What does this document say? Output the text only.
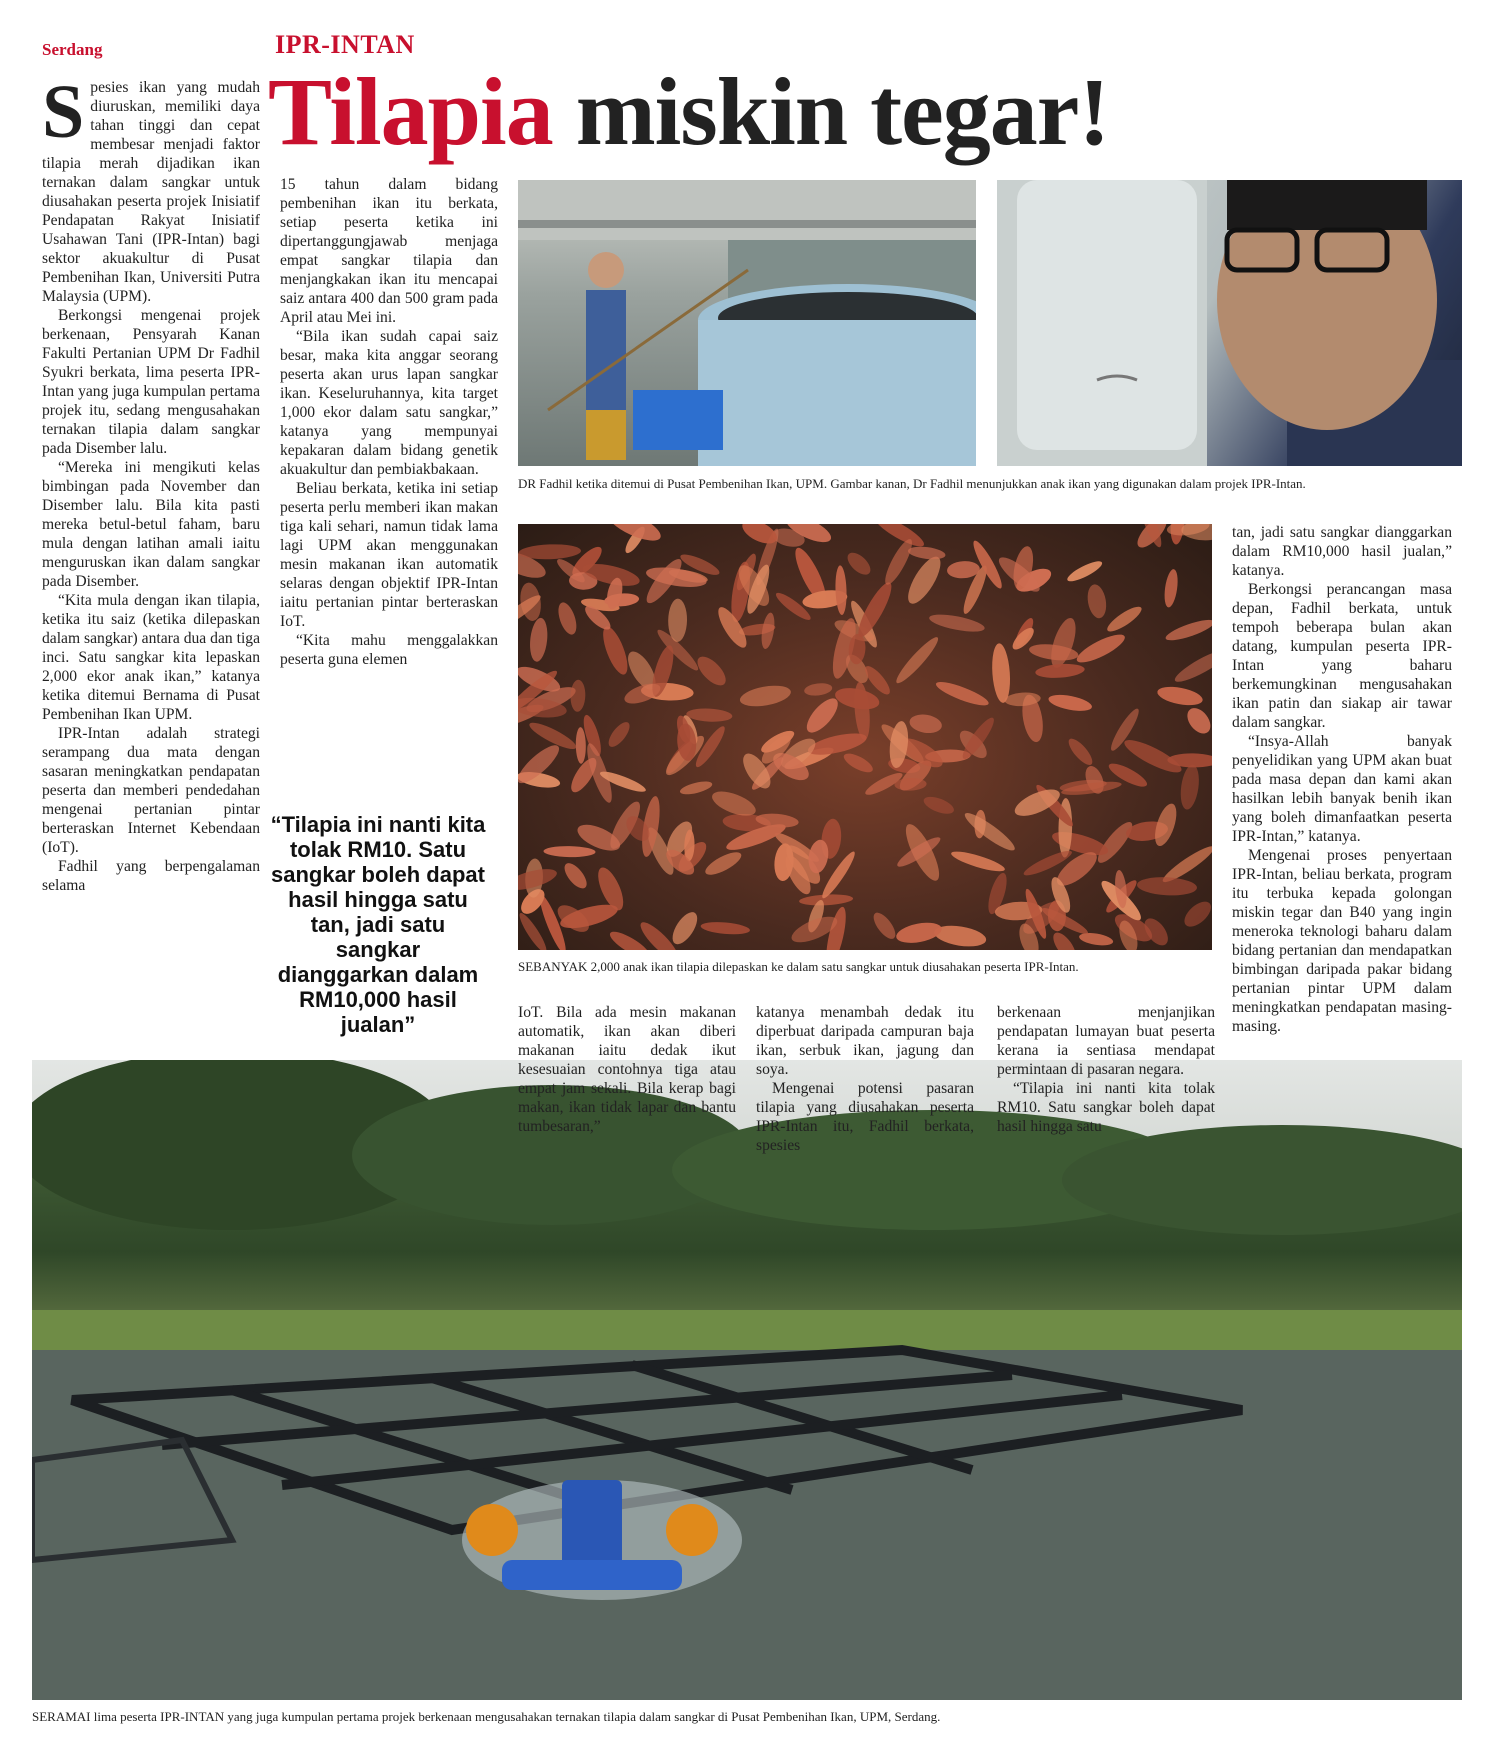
Serdang	IPR-INTAN
Tilapia miskin tegar!
S pesies ikan yang mudah diuruskan, memiliki daya tahan tinggi dan cepat membesar menjadi faktor tilapia merah dijadikan ikan ternakan dalam sangkar untuk diusahakan peserta projek Inisiatif Pendapatan Rakyat Inisiatif Usahawan Tani (IPR-Intan) bagi sektor akuakultur di Pusat Pembenihan Ikan, Universiti Putra Malaysia (UPM).

Berkongsi mengenai projek berkenaan, Pensyarah Kanan Fakulti Pertanian UPM Dr Fadhil Syukri berkata, lima peserta IPR-Intan yang juga kumpulan pertama projek itu, sedang mengusahakan ternakan tilapia dalam sangkar pada Disember lalu.

“Mereka ini mengikuti kelas bimbingan pada November dan Disember lalu. Bila kita pasti mereka betul-betul faham, baru mula dengan latihan amali iaitu menguruskan ikan dalam sangkar pada Disember.

“Kita mula dengan ikan tilapia, ketika itu saiz (ketika dilepaskan dalam sangkar) antara dua dan tiga inci. Satu sangkar kita lepaskan 2,000 ekor anak ikan,” katanya ketika ditemui Bernama di Pusat Pembenihan Ikan UPM.

IPR-Intan adalah strategi serampang dua mata dengan sasaran meningkatkan pendapatan peserta dan memberi pendedahan mengenai pertanian pintar berteraskan Internet Kebendaan (IoT).

Fadhil yang berpengalaman selama

15 tahun dalam bidang pembenihan ikan itu berkata, setiap peserta ketika ini dipertanggungjawab menjaga empat sangkar tilapia dan menjangkakan ikan itu mencapai saiz antara 400 dan 500 gram pada April atau Mei ini.

“Bila ikan sudah capai saiz besar, maka kita anggar seorang peserta akan urus lapan sangkar ikan. Keseluruhannya, kita target 1,000 ekor dalam satu sangkar,” katanya yang mempunyai kepakaran dalam bidang genetik akuakultur dan pembiakbakaan.

Beliau berkata, ketika ini setiap peserta perlu memberi ikan makan tiga kali sehari, namun tidak lama lagi UPM akan menggunakan mesin makanan ikan automatik selaras dengan objektif IPR-Intan iaitu pertanian pintar berteraskan IoT.

“Kita mahu menggalakkan peserta guna elemen

“Tilapia ini nanti kita tolak RM10. Satu sangkar boleh dapat hasil hingga satu tan, jadi satu sangkar dianggarkan dalam RM10,000 hasil jualan”
DR Fadhil ketika ditemui di Pusat Pembenihan Ikan, UPM. Gambar kanan, Dr Fadhil menunjukkan anak ikan yang digunakan dalam projek IPR-Intan.
SEBANYAK 2,000 anak ikan tilapia dilepaskan ke dalam satu sangkar untuk diusahakan peserta IPR-Intan.

tan, jadi satu sangkar dianggarkan dalam RM10,000 hasil jualan,” katanya.

Berkongsi perancangan masa depan, Fadhil berkata, untuk tempoh beberapa bulan akan datang, kumpulan peserta IPR-Intan yang baharu berkemungkinan mengusahakan ikan patin dan siakap air tawar dalam sangkar.

“Insya-Allah banyak penyelidikan yang UPM akan buat pada masa depan dan kami akan hasilkan lebih banyak benih ikan yang boleh dimanfaatkan peserta IPR-Intan,” katanya.

Mengenai proses penyertaan IPR-Intan, beliau berkata, program itu terbuka kepada golongan miskin tegar dan B40 yang ingin meneroka teknologi baharu dalam bidang pertanian dan mendapatkan bimbingan daripada pakar bidang pertanian pintar UPM dalam meningkatkan pendapatan masing-masing.

IoT. Bila ada mesin makanan automatik, ikan akan diberi makanan iaitu dedak ikut kesesuaian contohnya tiga atau empat jam sekali. Bila kerap bagi makan, ikan tidak lapar dan bantu tumbesaran,”

katanya menambah dedak itu diperbuat daripada campuran baja ikan, serbuk ikan, jagung dan soya.

Mengenai potensi pasaran tilapia yang diusahakan peserta IPR-Intan itu, Fadhil berkata, spesies

berkenaan menjanjikan pendapatan lumayan buat peserta kerana ia sentiasa mendapat permintaan di pasaran negara.

“Tilapia ini nanti kita tolak RM10. Satu sangkar boleh dapat hasil hingga satu

SERAMAI lima peserta IPR-INTAN yang juga kumpulan pertama projek berkenaan mengusahakan ternakan tilapia dalam sangkar di Pusat Pembenihan Ikan, UPM, Serdang.
